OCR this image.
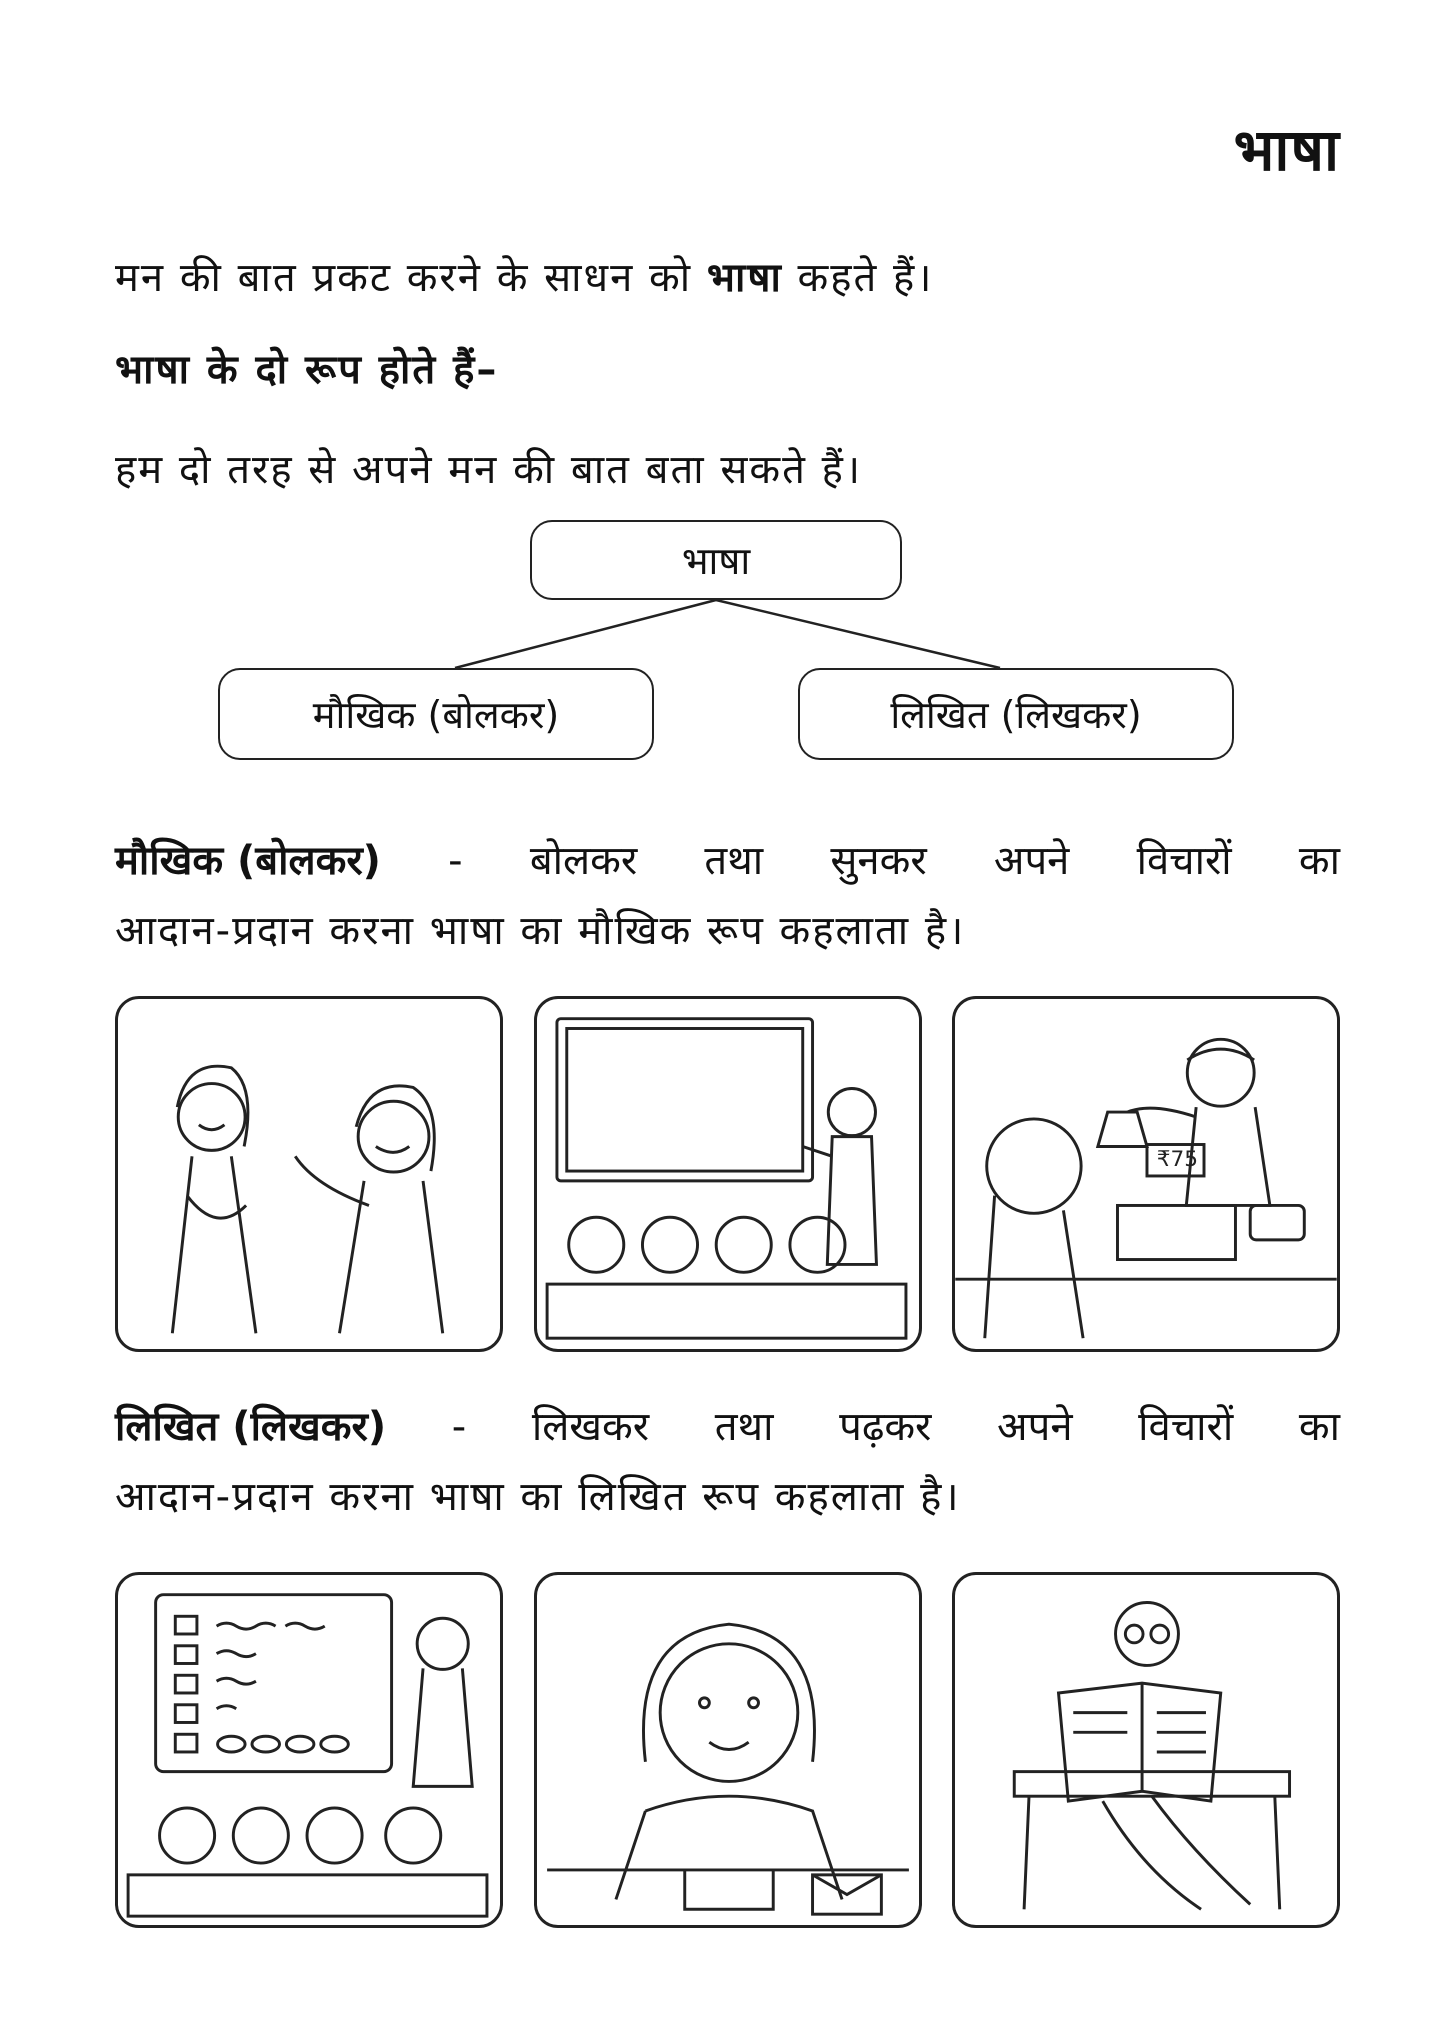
भाषा
मन की बात प्रकट करने के साधन को भाषा कहते हैं।
भाषा के दो रूप होते हैं–
हम दो तरह से अपने मन की बात बता सकते हैं।
भाषा
मौखिक (बोलकर)	लिखित (लिखकर)
मौखिक (बोलकर) - बोलकर तथा सुनकर अपने विचारों का
आदान-प्रदान करना भाषा का मौखिक रूप कहलाता है।
₹75
लिखित (लिखकर) - लिखकर तथा पढ़कर अपने विचारों का
आदान-प्रदान करना भाषा का लिखित रूप कहलाता है।
